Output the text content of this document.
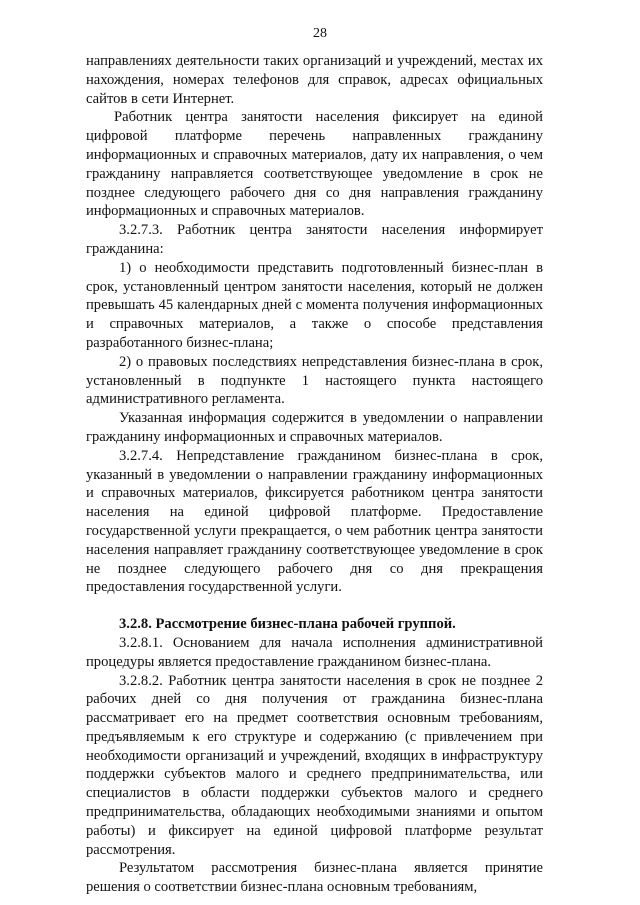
28

направлениях деятельности таких организаций и учреждений, местах их нахождения, номерах телефонов для справок, адресах официальных сайтов в сети Интернет.

Работник центра занятости населения фиксирует на единой цифровой платформе перечень направленных гражданину информационных и справочных материалов, дату их направления, о чем гражданину направляется соответствующее уведомление в срок не позднее следующего рабочего дня со дня направления гражданину информационных и справочных материалов.

3.2.7.3. Работник центра занятости населения информирует гражданина:

1) о необходимости представить подготовленный бизнес-план в срок, установленный центром занятости населения, который не должен превышать 45 календарных дней с момента получения информационных и справочных материалов, а также о способе представления разработанного бизнес-плана;

2) о правовых последствиях непредставления бизнес-плана в срок, установленный в подпункте 1 настоящего пункта настоящего административного регламента.

Указанная информация содержится в уведомлении о направлении гражданину информационных и справочных материалов.

3.2.7.4. Непредставление гражданином бизнес-плана в срок, указанный в уведомлении о направлении гражданину информационных и справочных материалов, фиксируется работником центра занятости населения на единой цифровой платформе. Предоставление государственной услуги прекращается, о чем работник центра занятости населения направляет гражданину соответствующее уведомление в срок не позднее следующего рабочего дня со дня прекращения предоставления государственной услуги.

3.2.8. Рассмотрение бизнес-плана рабочей группой.

3.2.8.1. Основанием для начала исполнения административной процедуры является предоставление гражданином бизнес-плана.

3.2.8.2. Работник центра занятости населения в срок не позднее 2 рабочих дней со дня получения от гражданина бизнес-плана рассматривает его на предмет соответствия основным требованиям, предъявляемым к его структуре и содержанию (с привлечением при необходимости организаций и учреждений, входящих в инфраструктуру поддержки субъектов малого и среднего предпринимательства, или специалистов в области поддержки субъектов малого и среднего предпринимательства, обладающих необходимыми знаниями и опытом работы) и фиксирует на единой цифровой платформе результат рассмотрения.

Результатом рассмотрения бизнес-плана является принятие решения о соответствии бизнес-плана основным требованиям,
